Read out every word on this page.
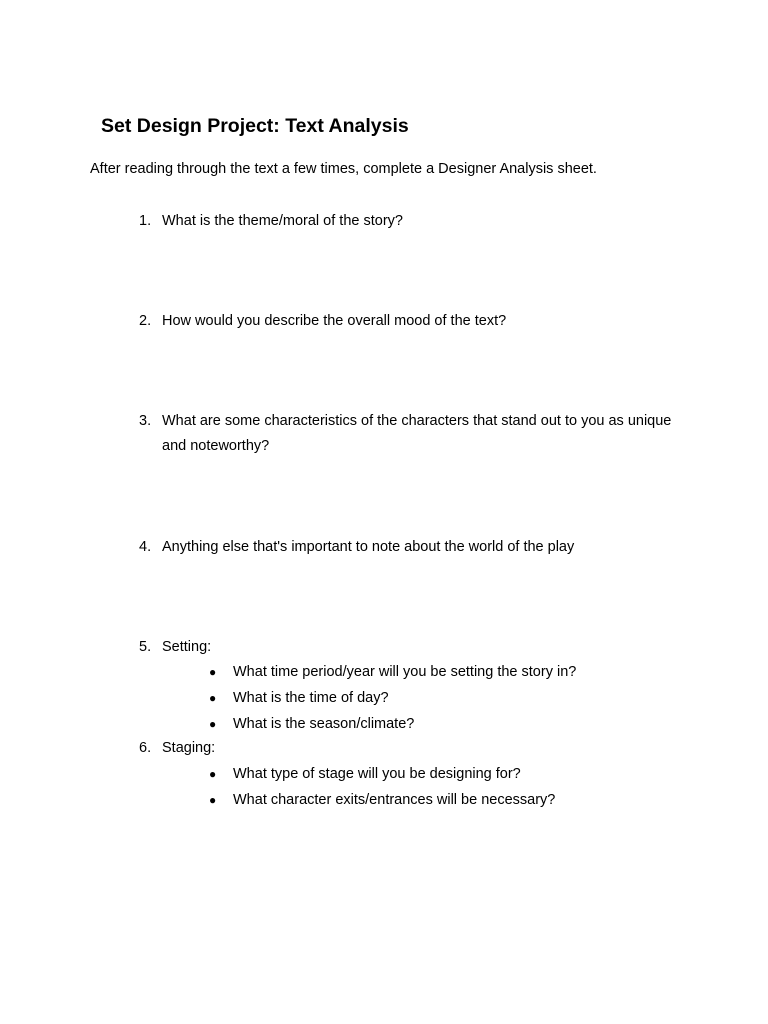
Set Design Project: Text Analysis

After reading through the text a few times, complete a Designer Analysis sheet.

1. What is the theme/moral of the story?
2. How would you describe the overall mood of the text?
3. What are some characteristics of the characters that stand out to you as unique and noteworthy?
4. Anything else that's important to note about the world of the play
5. Setting:
● What time period/year will you be setting the story in?
● What is the time of day?
● What is the season/climate?
6. Staging:
● What type of stage will you be designing for?
● What character exits/entrances will be necessary?
